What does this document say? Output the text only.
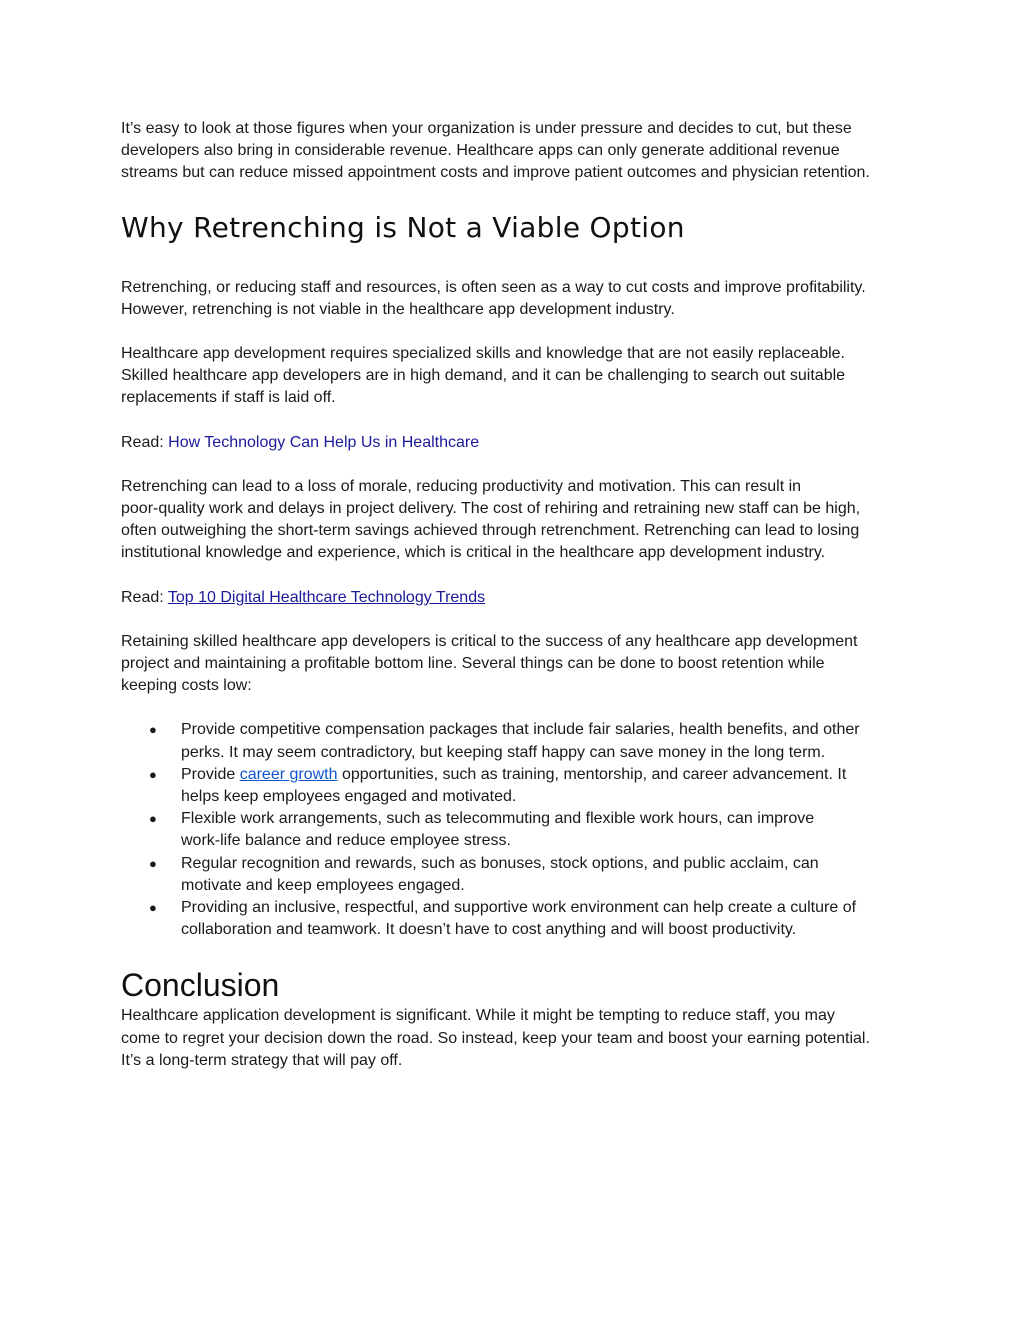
It’s easy to look at those figures when your organization is under pressure and decides to cut, but these
developers also bring in considerable revenue. Healthcare apps can only generate additional revenue
streams but can reduce missed appointment costs and improve patient outcomes and physician retention.

Why Retrenching is Not a Viable Option

Retrenching, or reducing staff and resources, is often seen as a way to cut costs and improve profitability.
However, retrenching is not viable in the healthcare app development industry.

Healthcare app development requires specialized skills and knowledge that are not easily replaceable.
Skilled healthcare app developers are in high demand, and it can be challenging to search out suitable
replacements if staff is laid off.

Read: How Technology Can Help Us in Healthcare

Retrenching can lead to a loss of morale, reducing productivity and motivation. This can result in
poor-quality work and delays in project delivery. The cost of rehiring and retraining new staff can be high,
often outweighing the short-term savings achieved through retrenchment. Retrenching can lead to losing
institutional knowledge and experience, which is critical in the healthcare app development industry.

Read: Top 10 Digital Healthcare Technology Trends

Retaining skilled healthcare app developers is critical to the success of any healthcare app development
project and maintaining a profitable bottom line. Several things can be done to boost retention while
keeping costs low:

● Provide competitive compensation packages that include fair salaries, health benefits, and other
perks. It may seem contradictory, but keeping staff happy can save money in the long term.
● Provide career growth opportunities, such as training, mentorship, and career advancement. It
helps keep employees engaged and motivated.
● Flexible work arrangements, such as telecommuting and flexible work hours, can improve
work-life balance and reduce employee stress.
● Regular recognition and rewards, such as bonuses, stock options, and public acclaim, can
motivate and keep employees engaged.
● Providing an inclusive, respectful, and supportive work environment can help create a culture of
collaboration and teamwork. It doesn’t have to cost anything and will boost productivity.
Conclusion

Healthcare application development is significant. While it might be tempting to reduce staff, you may
come to regret your decision down the road. So instead, keep your team and boost your earning potential.
It’s a long-term strategy that will pay off.
